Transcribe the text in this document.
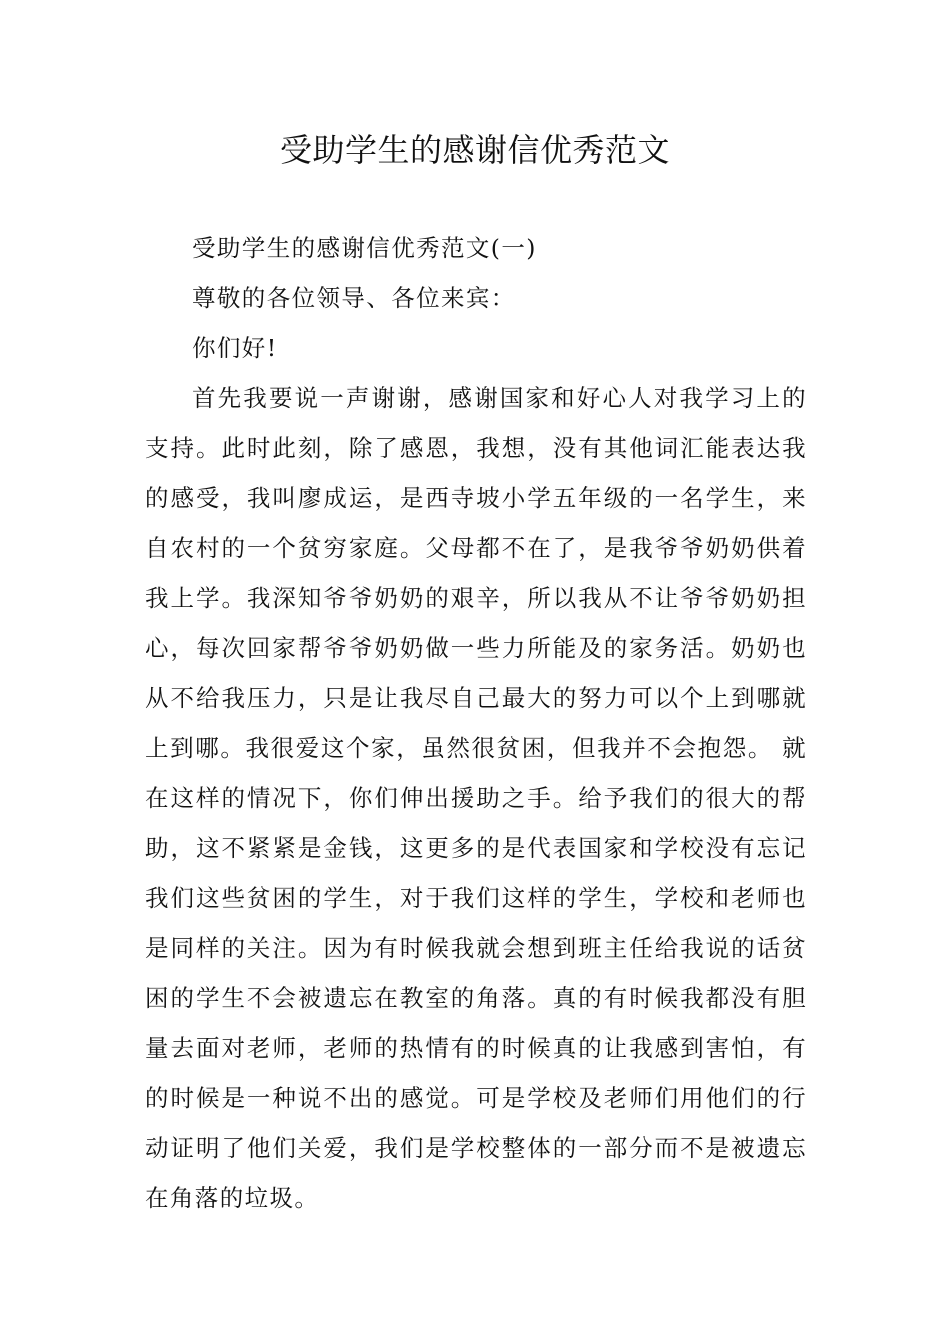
受助学生的感谢信优秀范文

受助学生的感谢信优秀范文(一)

尊敬的各位领导、各位来宾：

你们好!

首先我要说一声谢谢，感谢国家和好心人对我学习上的支持。此时此刻，除了感恩，我想，没有其他词汇能表达我的感受，我叫廖成运，是西寺坡小学五年级的一名学生，来自农村的一个贫穷家庭。父母都不在了，是我爷爷奶奶供着我上学。我深知爷爷奶奶的艰辛，所以我从不让爷爷奶奶担心，每次回家帮爷爷奶奶做一些力所能及的家务活。奶奶也从不给我压力，只是让我尽自己最大的努力可以个上到哪就上到哪。我很爱这个家，虽然很贫困，但我并不会抱怨。 就在这样的情况下，你们伸出援助之手。给予我们的很大的帮助，这不紧紧是金钱，这更多的是代表国家和学校没有忘记我们这些贫困的学生，对于我们这样的学生，学校和老师也是同样的关注。因为有时候我就会想到班主任给我说的话贫困的学生不会被遗忘在教室的角落。真的有时候我都没有胆量去面对老师，老师的热情有的时候真的让我感到害怕，有的时候是一种说不出的感觉。可是学校及老师们用他们的行动证明了他们关爱，我们是学校整体的一部分而不是被遗忘在角落的垃圾。
